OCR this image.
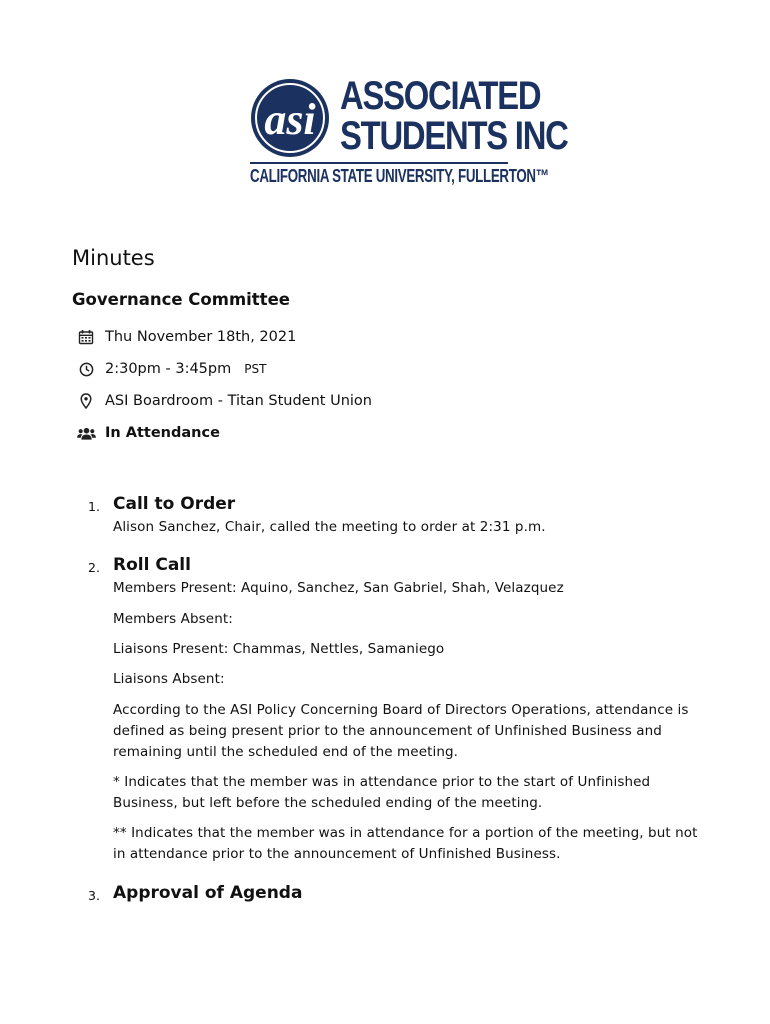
asi ASSOCIATED
STUDENTS INC
CALIFORNIA STATE UNIVERSITY, FULLERTON™
Minutes
Governance Committee
Thu November 18th, 2021
2:30pm - 3:45pm PST
ASI Boardroom - Titan Student Union
In Attendance
1. Call to Order
Alison Sanchez, Chair, called the meeting to order at 2:31 p.m.
2. Roll Call
Members Present: Aquino, Sanchez, San Gabriel, Shah, Velazquez
Members Absent:
Liaisons Present: Chammas, Nettles, Samaniego
Liaisons Absent:
According to the ASI Policy Concerning Board of Directors Operations, attendance is defined as being present prior to the announcement of Unfinished Business and remaining until the scheduled end of the meeting.
* Indicates that the member was in attendance prior to the start of Unfinished Business, but left before the scheduled ending of the meeting.
** Indicates that the member was in attendance for a portion of the meeting, but not in attendance prior to the announcement of Unfinished Business.
3. Approval of Agenda
